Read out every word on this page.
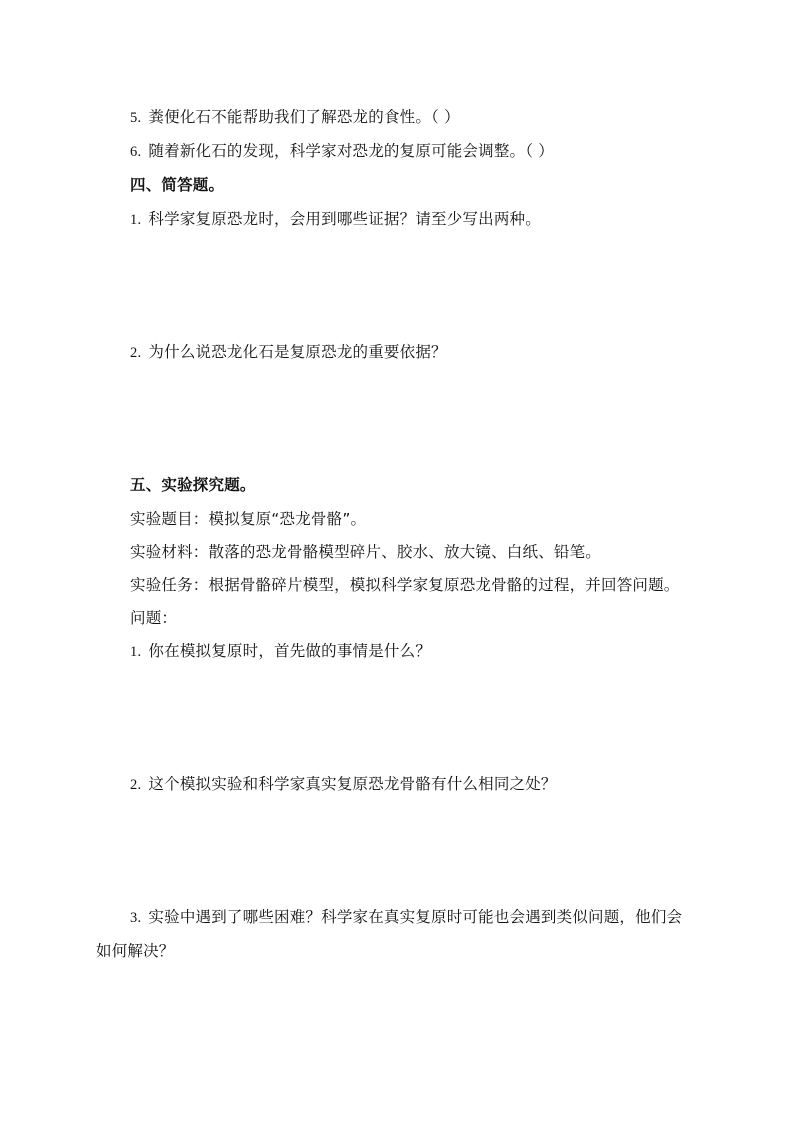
5. 粪便化石不能帮助我们了解恐龙的食性。（ ）
6. 随着新化石的发现，科学家对恐龙的复原可能会调整。（ ）
四、简答题。
1. 科学家复原恐龙时，会用到哪些证据？请至少写出两种。
2. 为什么说恐龙化石是复原恐龙的重要依据？
五、实验探究题。
实验题目：模拟复原“恐龙骨骼”。
实验材料：散落的恐龙骨骼模型碎片、胶水、放大镜、白纸、铅笔。
实验任务：根据骨骼碎片模型，模拟科学家复原恐龙骨骼的过程，并回答问题。
问题：
1. 你在模拟复原时，首先做的事情是什么？
2. 这个模拟实验和科学家真实复原恐龙骨骼有什么相同之处？
3. 实验中遇到了哪些困难？科学家在真实复原时可能也会遇到类似问题，他们会
如何解决？
